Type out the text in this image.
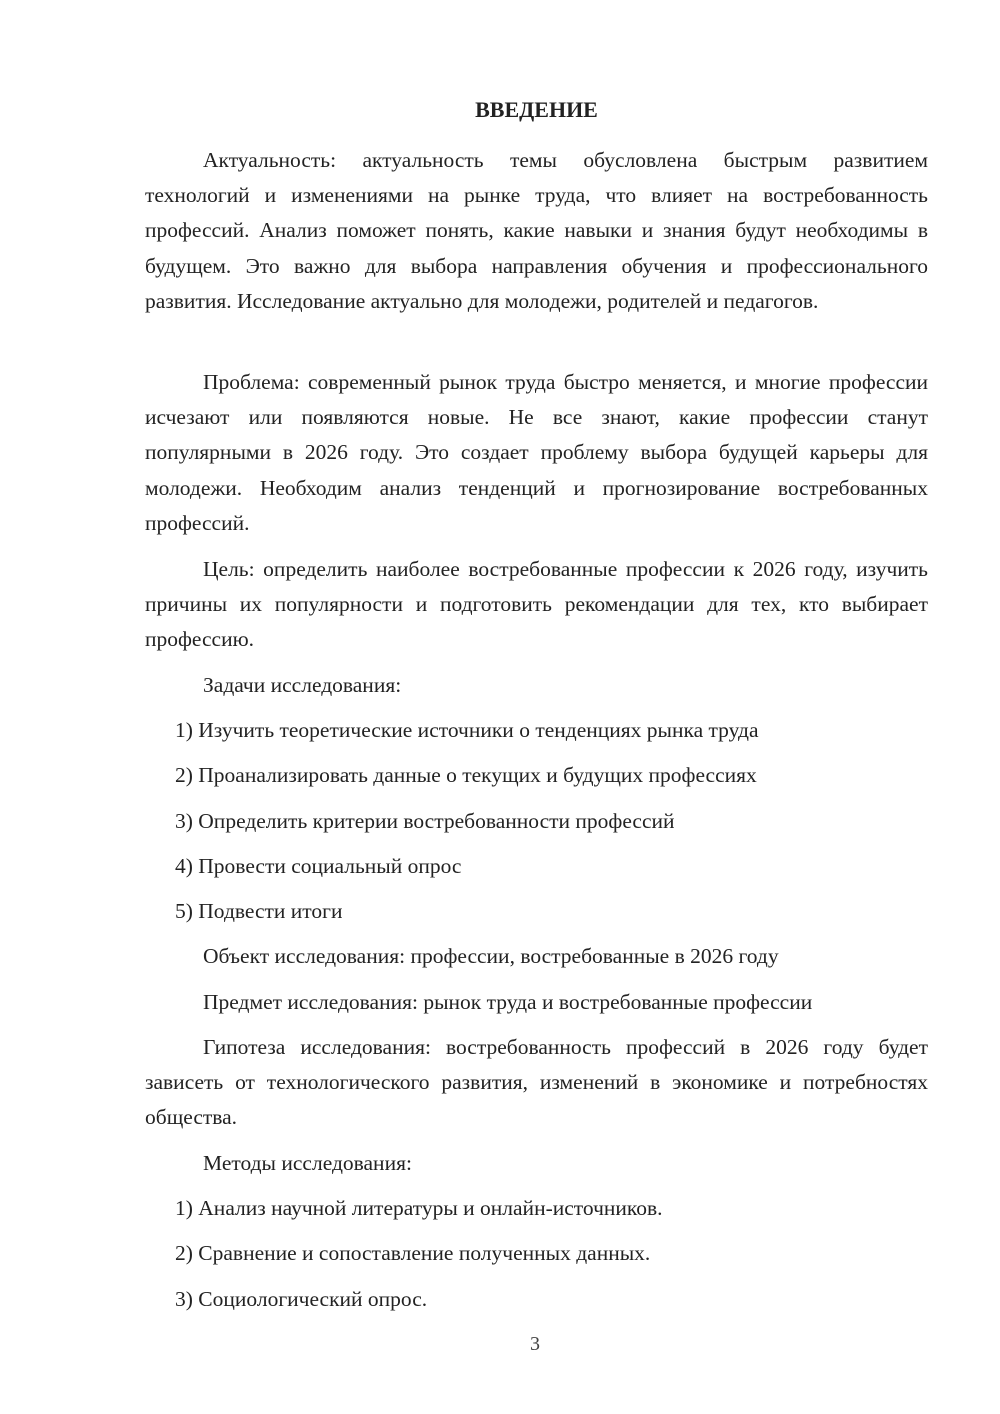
ВВЕДЕНИЕ

Актуальность: актуальность темы обусловлена быстрым развитием технологий и изменениями на рынке труда, что влияет на востребованность профессий. Анализ поможет понять, какие навыки и знания будут необходимы в будущем. Это важно для выбора направления обучения и профессионального развития. Исследование актуально для молодежи, родителей и педагогов.

Проблема: современный рынок труда быстро меняется, и многие профессии исчезают или появляются новые. Не все знают, какие профессии станут популярными в 2026 году. Это создает проблему выбора будущей карьеры для молодежи. Необходим анализ тенденций и прогнозирование востребованных профессий.

Цель: определить наиболее востребованные профессии к 2026 году, изучить причины их популярности и подготовить рекомендации для тех, кто выбирает профессию.

Задачи исследования:
1) Изучить теоретические источники о тенденциях рынка труда
2) Проанализировать данные о текущих и будущих профессиях
3) Определить критерии востребованности профессий
4) Провести социальный опрос
5) Подвести итоги
Объект исследования: профессии, востребованные в 2026 году
Предмет исследования: рынок труда и востребованные профессии

Гипотеза исследования: востребованность профессий в 2026 году будет зависеть от технологического развития, изменений в экономике и потребностях общества.

Методы исследования:
1) Анализ научной литературы и онлайн-источников.
2) Сравнение и сопоставление полученных данных.
3) Социологический опрос.
3
